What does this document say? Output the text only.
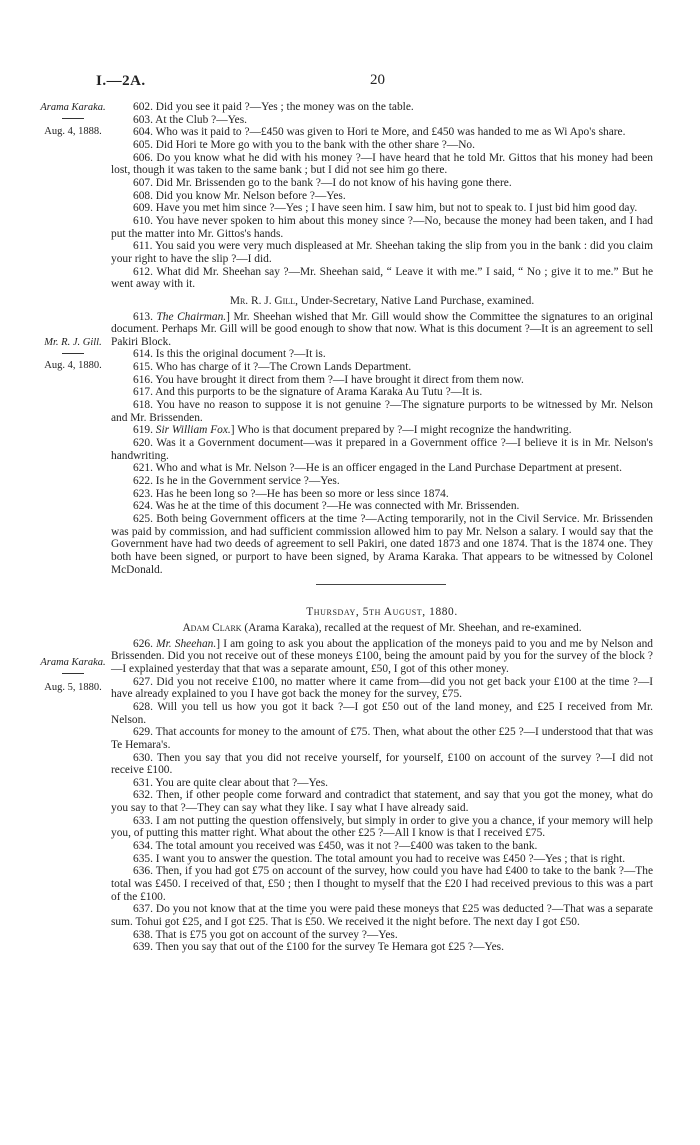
I.—2A.	20
Arama Karaka.
Aug. 4, 1888.
Mr. R. J. Gill.
Aug. 4, 1880.
Arama Karaka.
Aug. 5, 1880.

602. Did you see it paid ?—Yes ; the money was on the table.

603. At the Club ?—Yes.

604. Who was it paid to ?—£450 was given to Hori te More, and £450 was handed to me as Wi Apo's share.

605. Did Hori te More go with you to the bank with the other share ?—No.

606. Do you know what he did with his money ?—I have heard that he told Mr. Gittos that his money had been lost, though it was taken to the same bank ; but I did not see him go there.

607. Did Mr. Brissenden go to the bank ?—I do not know of his having gone there.

608. Did you know Mr. Nelson before ?—Yes.

609. Have you met him since ?—Yes ; I have seen him. I saw him, but not to speak to. I just bid him good day.

610. You have never spoken to him about this money since ?—No, because the money had been taken, and I had put the matter into Mr. Gittos's hands.

611. You said you were very much displeased at Mr. Sheehan taking the slip from you in the bank : did you claim your right to have the slip ?—I did.

612. What did Mr. Sheehan say ?—Mr. Sheehan said, “ Leave it with me.” I said, “ No ; give it to me.” But he went away with it.

Mr. R. J. Gill, Under-Secretary, Native Land Purchase, examined.

613. The Chairman.] Mr. Sheehan wished that Mr. Gill would show the Committee the signatures to an original document. Perhaps Mr. Gill will be good enough to show that now. What is this document ?—It is an agreement to sell Pakiri Block.

614. Is this the original document ?—It is.

615. Who has charge of it ?—The Crown Lands Department.

616. You have brought it direct from them ?—I have brought it direct from them now.

617. And this purports to be the signature of Arama Karaka Au Tutu ?—It is.

618. You have no reason to suppose it is not genuine ?—The signature purports to be witnessed by Mr. Nelson and Mr. Brissenden.

619. Sir William Fox.] Who is that document prepared by ?—I might recognize the handwriting.

620. Was it a Government document—was it prepared in a Government office ?—I believe it is in Mr. Nelson's handwriting.

621. Who and what is Mr. Nelson ?—He is an officer engaged in the Land Purchase Department at present.

622. Is he in the Government service ?—Yes.

623. Has he been long so ?—He has been so more or less since 1874.

624. Was he at the time of this document ?—He was connected with Mr. Brissenden.

625. Both being Government officers at the time ?—Acting temporarily, not in the Civil Service. Mr. Brissenden was paid by commission, and had sufficient commission allowed him to pay Mr. Nelson a salary. I would say that the Government have had two deeds of agreement to sell Pakiri, one dated 1873 and one 1874. That is the 1874 one. They both have been signed, or purport to have been signed, by Arama Karaka. That appears to be witnessed by Colonel McDonald.

Thursday, 5th August, 1880.

Adam Clark (Arama Karaka), recalled at the request of Mr. Sheehan, and re-examined.

626. Mr. Sheehan.] I am going to ask you about the application of the moneys paid to you and me by Nelson and Brissenden. Did you not receive out of these moneys £100, being the amount paid by you for the survey of the block ?—I explained yesterday that that was a separate amount, £50, I got of this other money.

627. Did you not receive £100, no matter where it came from—did you not get back your £100 at the time ?—I have already explained to you I have got back the money for the survey, £75.

628. Will you tell us how you got it back ?—I got £50 out of the land money, and £25 I received from Mr. Nelson.

629. That accounts for money to the amount of £75. Then, what about the other £25 ?—I understood that that was Te Hemara's.

630. Then you say that you did not receive yourself, for yourself, £100 on account of the survey ?—I did not receive £100.

631. You are quite clear about that ?—Yes.

632. Then, if other people come forward and contradict that statement, and say that you got the money, what do you say to that ?—They can say what they like. I say what I have already said.

633. I am not putting the question offensively, but simply in order to give you a chance, if your memory will help you, of putting this matter right. What about the other £25 ?—All I know is that I received £75.

634. The total amount you received was £450, was it not ?—£400 was taken to the bank.

635. I want you to answer the question. The total amount you had to receive was £450 ?—Yes ; that is right.

636. Then, if you had got £75 on account of the survey, how could you have had £400 to take to the bank ?—The total was £450. I received of that, £50 ; then I thought to myself that the £20 I had received previous to this was a part of the £100.

637. Do you not know that at the time you were paid these moneys that £25 was deducted ?—That was a separate sum. Tohui got £25, and I got £25. That is £50. We received it the night before. The next day I got £50.

638. That is £75 you got on account of the survey ?—Yes.

639. Then you say that out of the £100 for the survey Te Hemara got £25 ?—Yes.
